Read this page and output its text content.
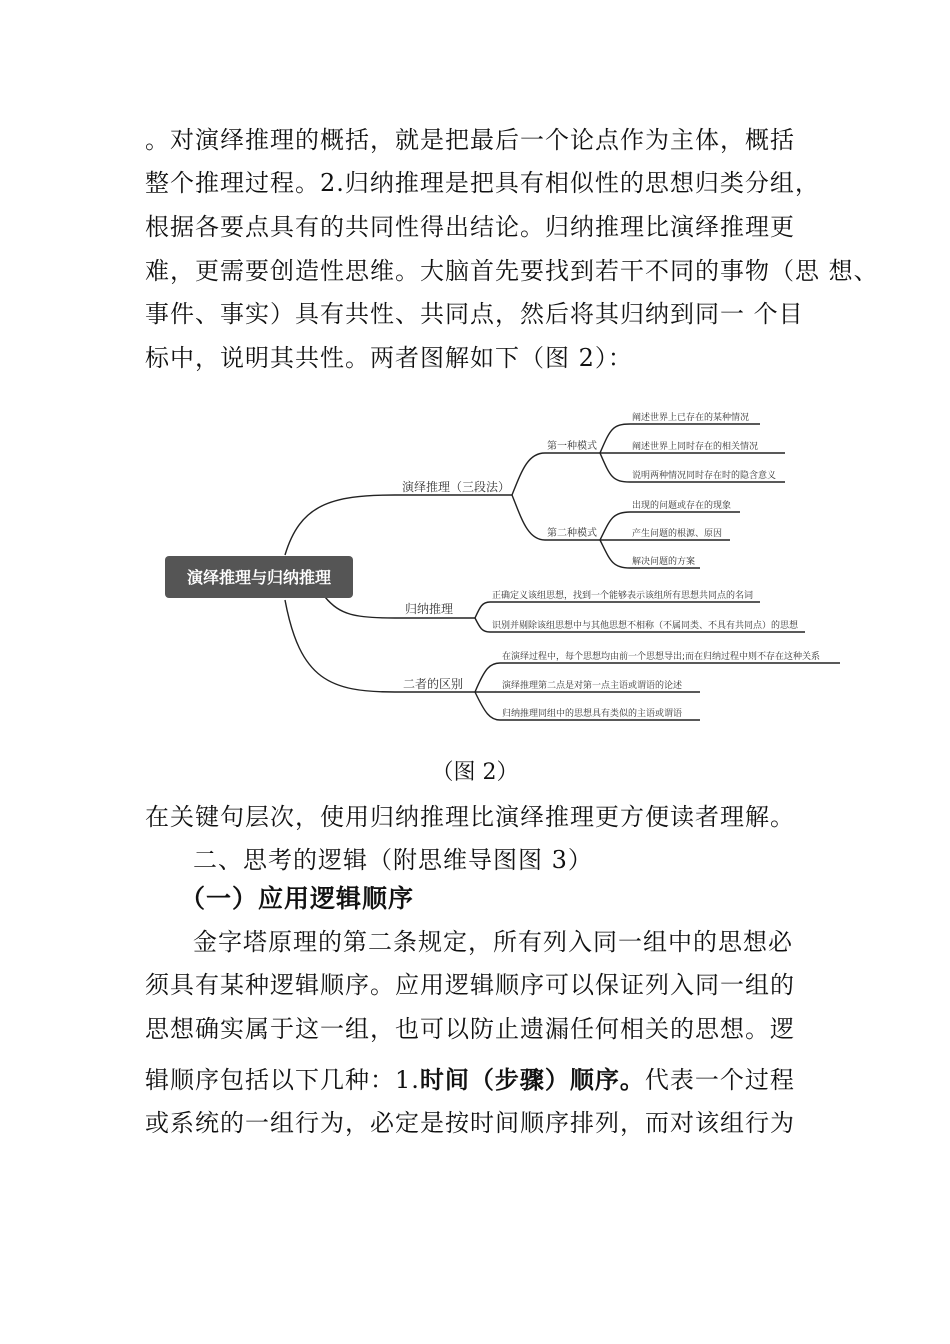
。对演绎推理的概括，就是把最后一个论点作为主体，概括
整个推理过程。2.归纳推理是把具有相似性的思想归类分组，
根据各要点具有的共同性得出结论。归纳推理比演绎推理更
难，更需要创造性思维。大脑首先要找到若干不同的事物（思 想、
事件、事实）具有共性、共同点，然后将其归纳到同一 个目
标中，说明其共性。两者图解如下（图 2）：
演绎推理与归纳推理
演绎推理（三段法）
归纳推理
二者的区别
第一种模式
第二种模式
阐述世界上已存在的某种情况
阐述世界上同时存在的相关情况
说明两种情况同时存在时的隐含意义
出现的问题或存在的现象
产生问题的根源、原因
解决问题的方案
正确定义该组思想，找到一个能够表示该组所有思想共同点的名词
识别并剔除该组思想中与其他思想不相称（不属同类、不具有共同点）的思想
在演绎过程中，每个思想均由前一个思想导出;而在归纳过程中则不存在这种关系
演绎推理第二点是对第一点主语或谓语的论述
归纳推理同组中的思想具有类似的主语或谓语
（图 2）
在关键句层次，使用归纳推理比演绎推理更方便读者理解。
二、思考的逻辑（附思维导图图 3）
（一）应用逻辑顺序
金字塔原理的第二条规定，所有列入同一组中的思想必
须具有某种逻辑顺序。应用逻辑顺序可以保证列入同一组的
思想确实属于这一组，也可以防止遗漏任何相关的思想。逻
辑顺序包括以下几种：1.时间（步骤）顺序。代表一个过程
或系统的一组行为，必定是按时间顺序排列，而对该组行为
